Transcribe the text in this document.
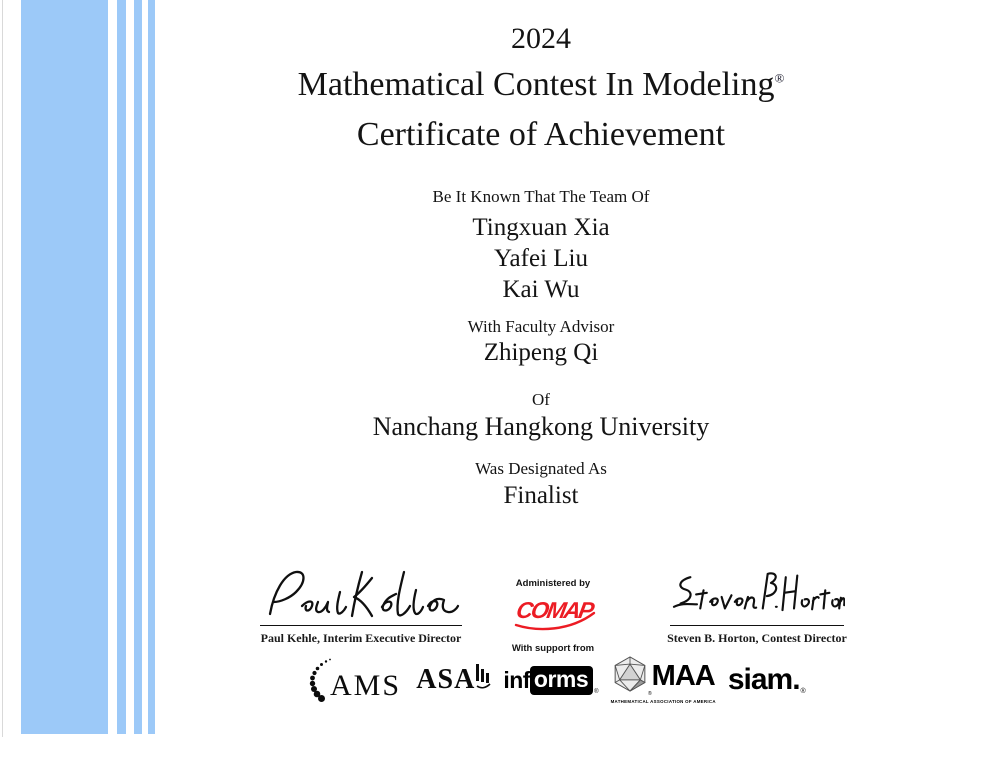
2024
Mathematical Contest In Modeling®
Certificate of Achievement
Be It Known That The Team Of
Tingxuan Xia
Yafei Liu
Kai Wu
With Faculty Advisor
Zhipeng Qi
Of
Nanchang Hangkong University
Was Designated As
Finalist
Paul Kehle, Interim Executive Director
Administered by
COMAP
With support from
Steven B. Horton, Contest Director
AMS ASA inf orms	®	®
MAA
MATHEMATICAL ASSOCIATION OF AMERICA
siam. ®
